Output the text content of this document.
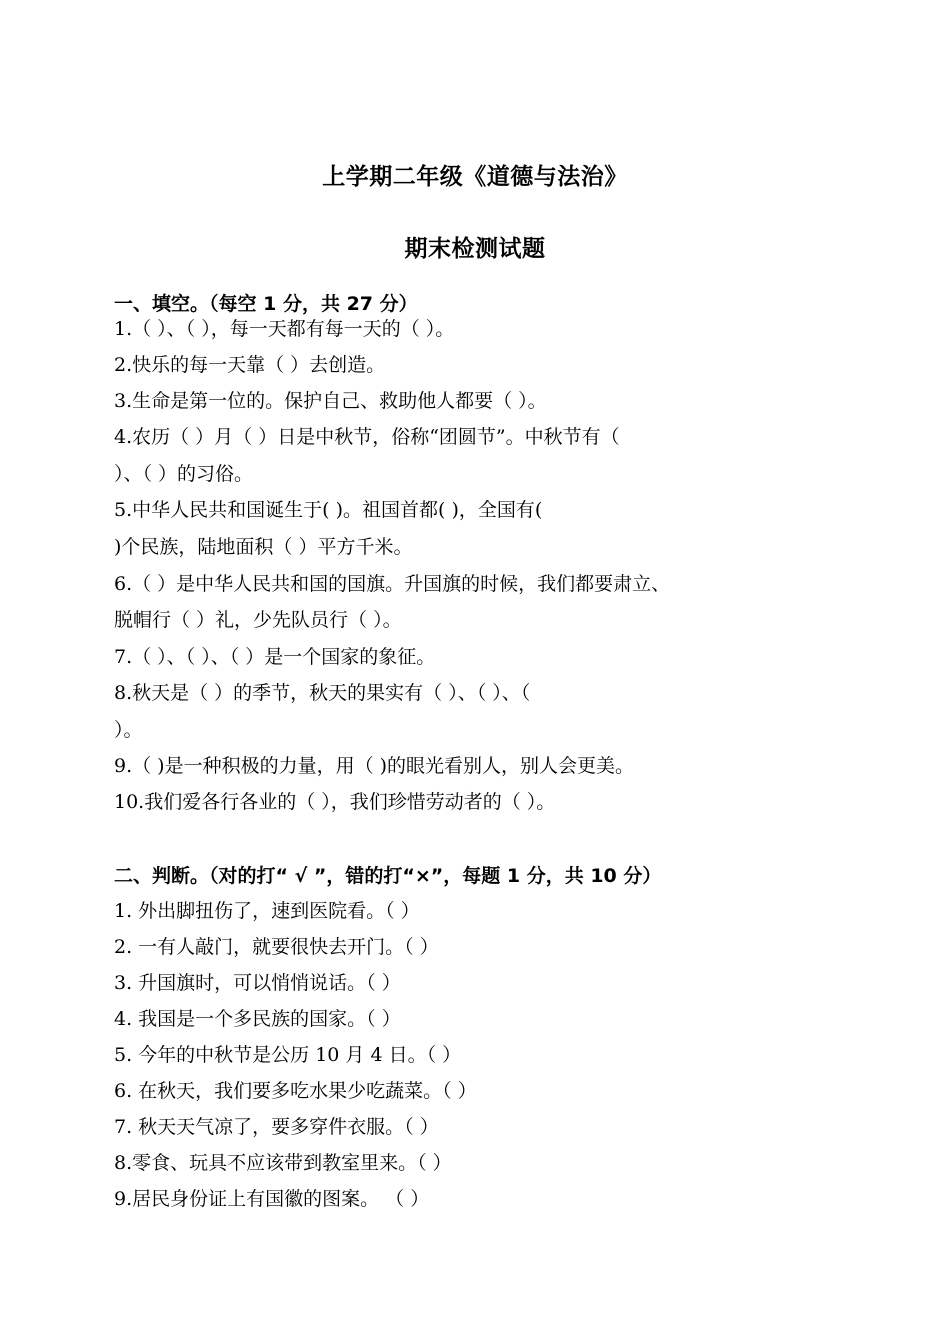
上学期二年级《道德与法治》
期末检测试题
一、填空。（每空 1 分，共 27 分）

1.（ ）、（ ），每一天都有每一天的（ ）。

2.快乐的每一天靠（ ）去创造。

3.生命是第一位的。保护自己、救助他人都要（ ）。

4.农历（ ）月（ ）日是中秋节，俗称“团圆节”。中秋节有（

）、（ ）的习俗。

5.中华人民共和国诞生于( )。祖国首都( )，全国有(

)个民族，陆地面积（ ）平方千米。

6.（ ）是中华人民共和国的国旗。升国旗的时候，我们都要肃立、

脱帽行（ ）礼，少先队员行（ ）。

7.（ ）、（ ）、（ ）是一个国家的象征。

8.秋天是（ ）的季节，秋天的果实有（ ）、（ ）、（

）。

9.（ )是一种积极的力量，用（ )的眼光看别人，别人会更美。

10.我们爱各行各业的（ ），我们珍惜劳动者的（ ）。

二、判断。（对的打“ √ ”，错的打“×”，每题 1 分，共 10 分）

1. 外出脚扭伤了，速到医院看。（ ）

2. 一有人敲门，就要很快去开门。（ ）

3. 升国旗时，可以悄悄说话。（ ）

4. 我国是一个多民族的国家。（ ）

5. 今年的中秋节是公历 10 月 4 日。（ ）

6. 在秋天，我们要多吃水果少吃蔬菜。（ ）

7. 秋天天气凉了，要多穿件衣服。（ ）

8.零食、玩具不应该带到教室里来。（ ）

9.居民身份证上有国徽的图案。 （ ）
